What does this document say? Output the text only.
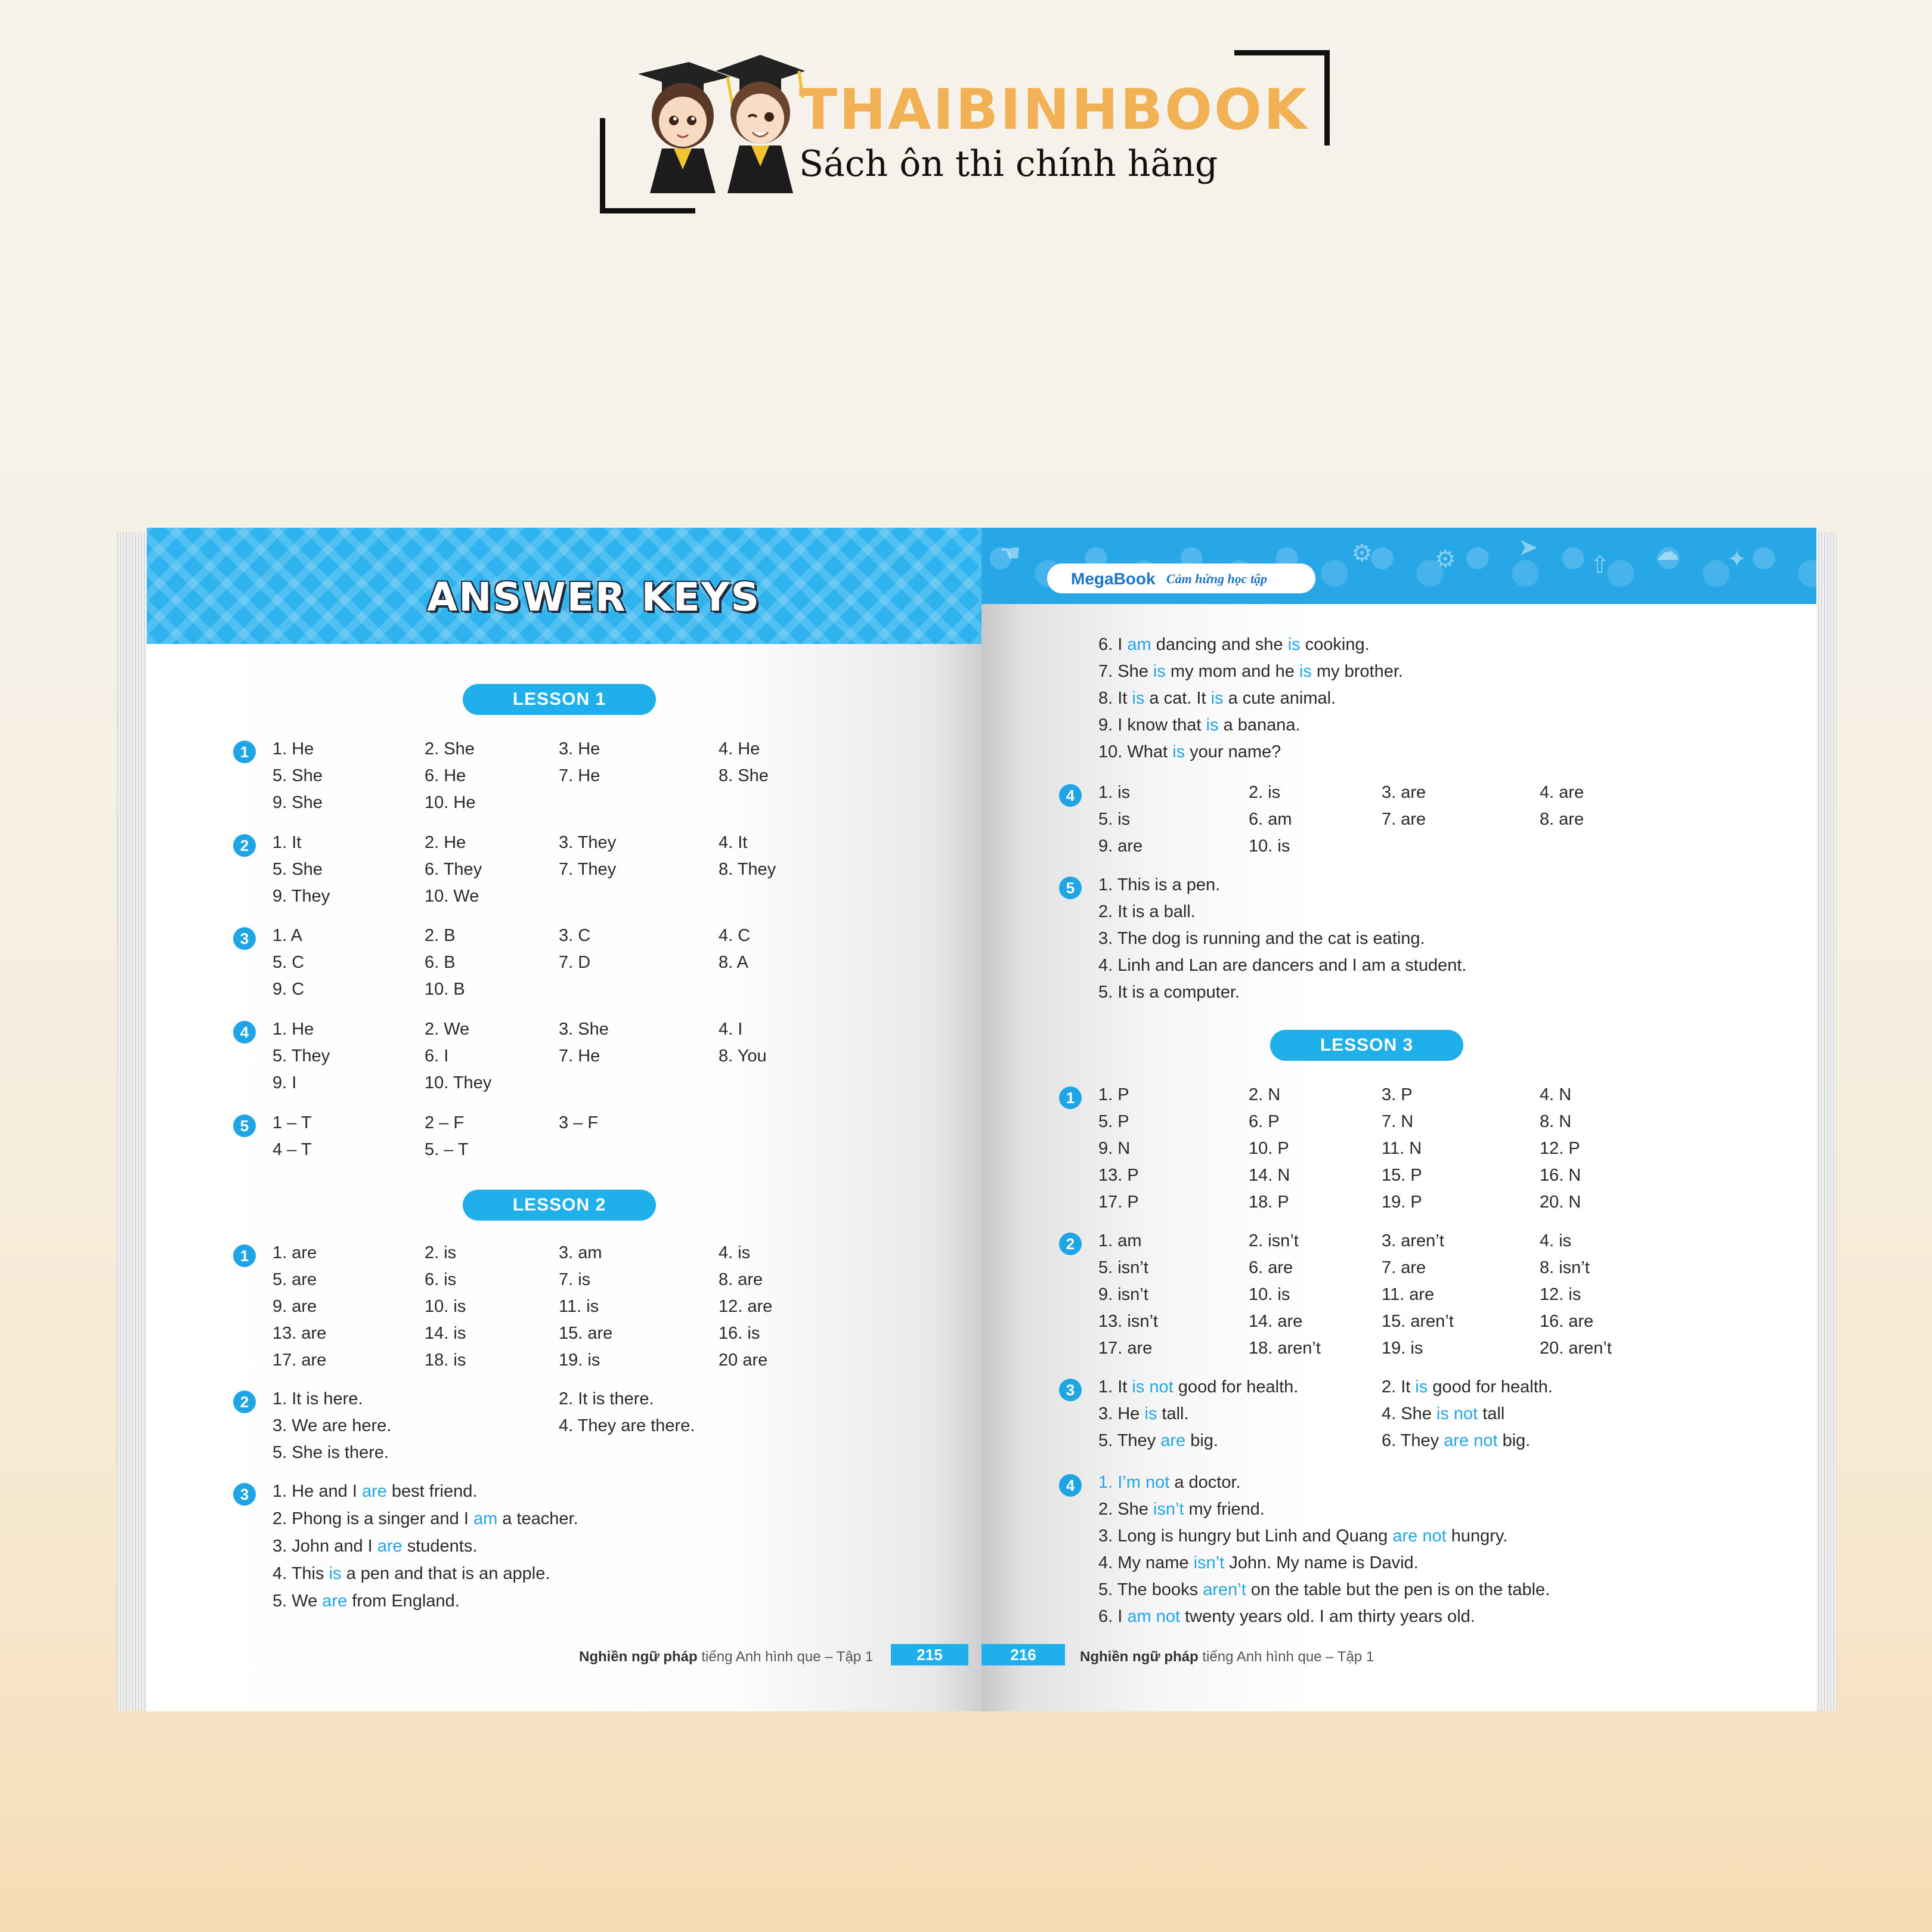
THAIBINHBOOK
Sách ôn thi chính hãng
ANSWER KEYS
LESSON 1
1	1. He	2. She	3. He	4. He
5. She	6. He	7. He	8. She
9. She	10. He
2	1. It	2. He	3. They	4. It
5. She	6. They	7. They	8. They
9. They	10. We
3	1. A	2. B	3. C	4. C
5. C	6. B	7. D	8. A
9. C	10. B
4	1. He	2. We	3. She	4. I
5. They	6. I	7. He	8. You
9. I	10. They
5	1 – T	2 – F	3 – F
4 – T	5. – T
LESSON 2
1	1. are	2. is	3. am	4. is
5. are	6. is	7. is	8. are
9. are	10. is	11. is	12. are
13. are	14. is	15. are	16. is
17. are	18. is	19. is	20 are
2	1. It is here.	2. It is there.
3. We are here.	4. They are there.
5. She is there.
3	1. He and I are best friend.
2. Phong is a singer and I am a teacher.
3. John and I are students.
4. This is a pen and that is an apple.
5. We are from England.
Nghiền ngữ pháp tiếng Anh hình que – Tập 1	215
⚙	⚙	➤
⇧ ☁ ✦
☚
MegaBook Cảm hứng học tập
6. I am dancing and she is cooking.
7. She is my mom and he is my brother.
8. It is a cat. It is a cute animal.
9. I know that is a banana.
10. What is your name?
4	1. is	2. is	3. are	4. are
5. is	6. am	7. are	8. are
9. are	10. is
5	1. This is a pen.
2. It is a ball.
3. The dog is running and the cat is eating.
4. Linh and Lan are dancers and I am a student.
5. It is a computer.
LESSON 3
1	1. P	2. N	3. P	4. N
5. P	6. P	7. N	8. N
9. N	10. P	11. N	12. P
13. P	14. N	15. P	16. N
17. P	18. P	19. P	20. N
2	1. am	2. isn’t	3. aren’t	4. is
5. isn’t	6. are	7. are	8. isn’t
9. isn’t	10. is	11. are	12. is
13. isn’t	14. are	15. aren’t	16. are
17. are	18. aren’t	19. is	20. aren’t
3	1. It is not good for health.	2. It is good for health.
3. He is tall.	4. She is not tall
5. They are big.	6. They are not big.
4	1. I’m not a doctor.
2. She isn’t my friend.
3. Long is hungry but Linh and Quang are not hungry.
4. My name isn’t John. My name is David.
5. The books aren’t on the table but the pen is on the table.
6. I am not twenty years old. I am thirty years old.
216	Nghiền ngữ pháp tiếng Anh hình que – Tập 1
